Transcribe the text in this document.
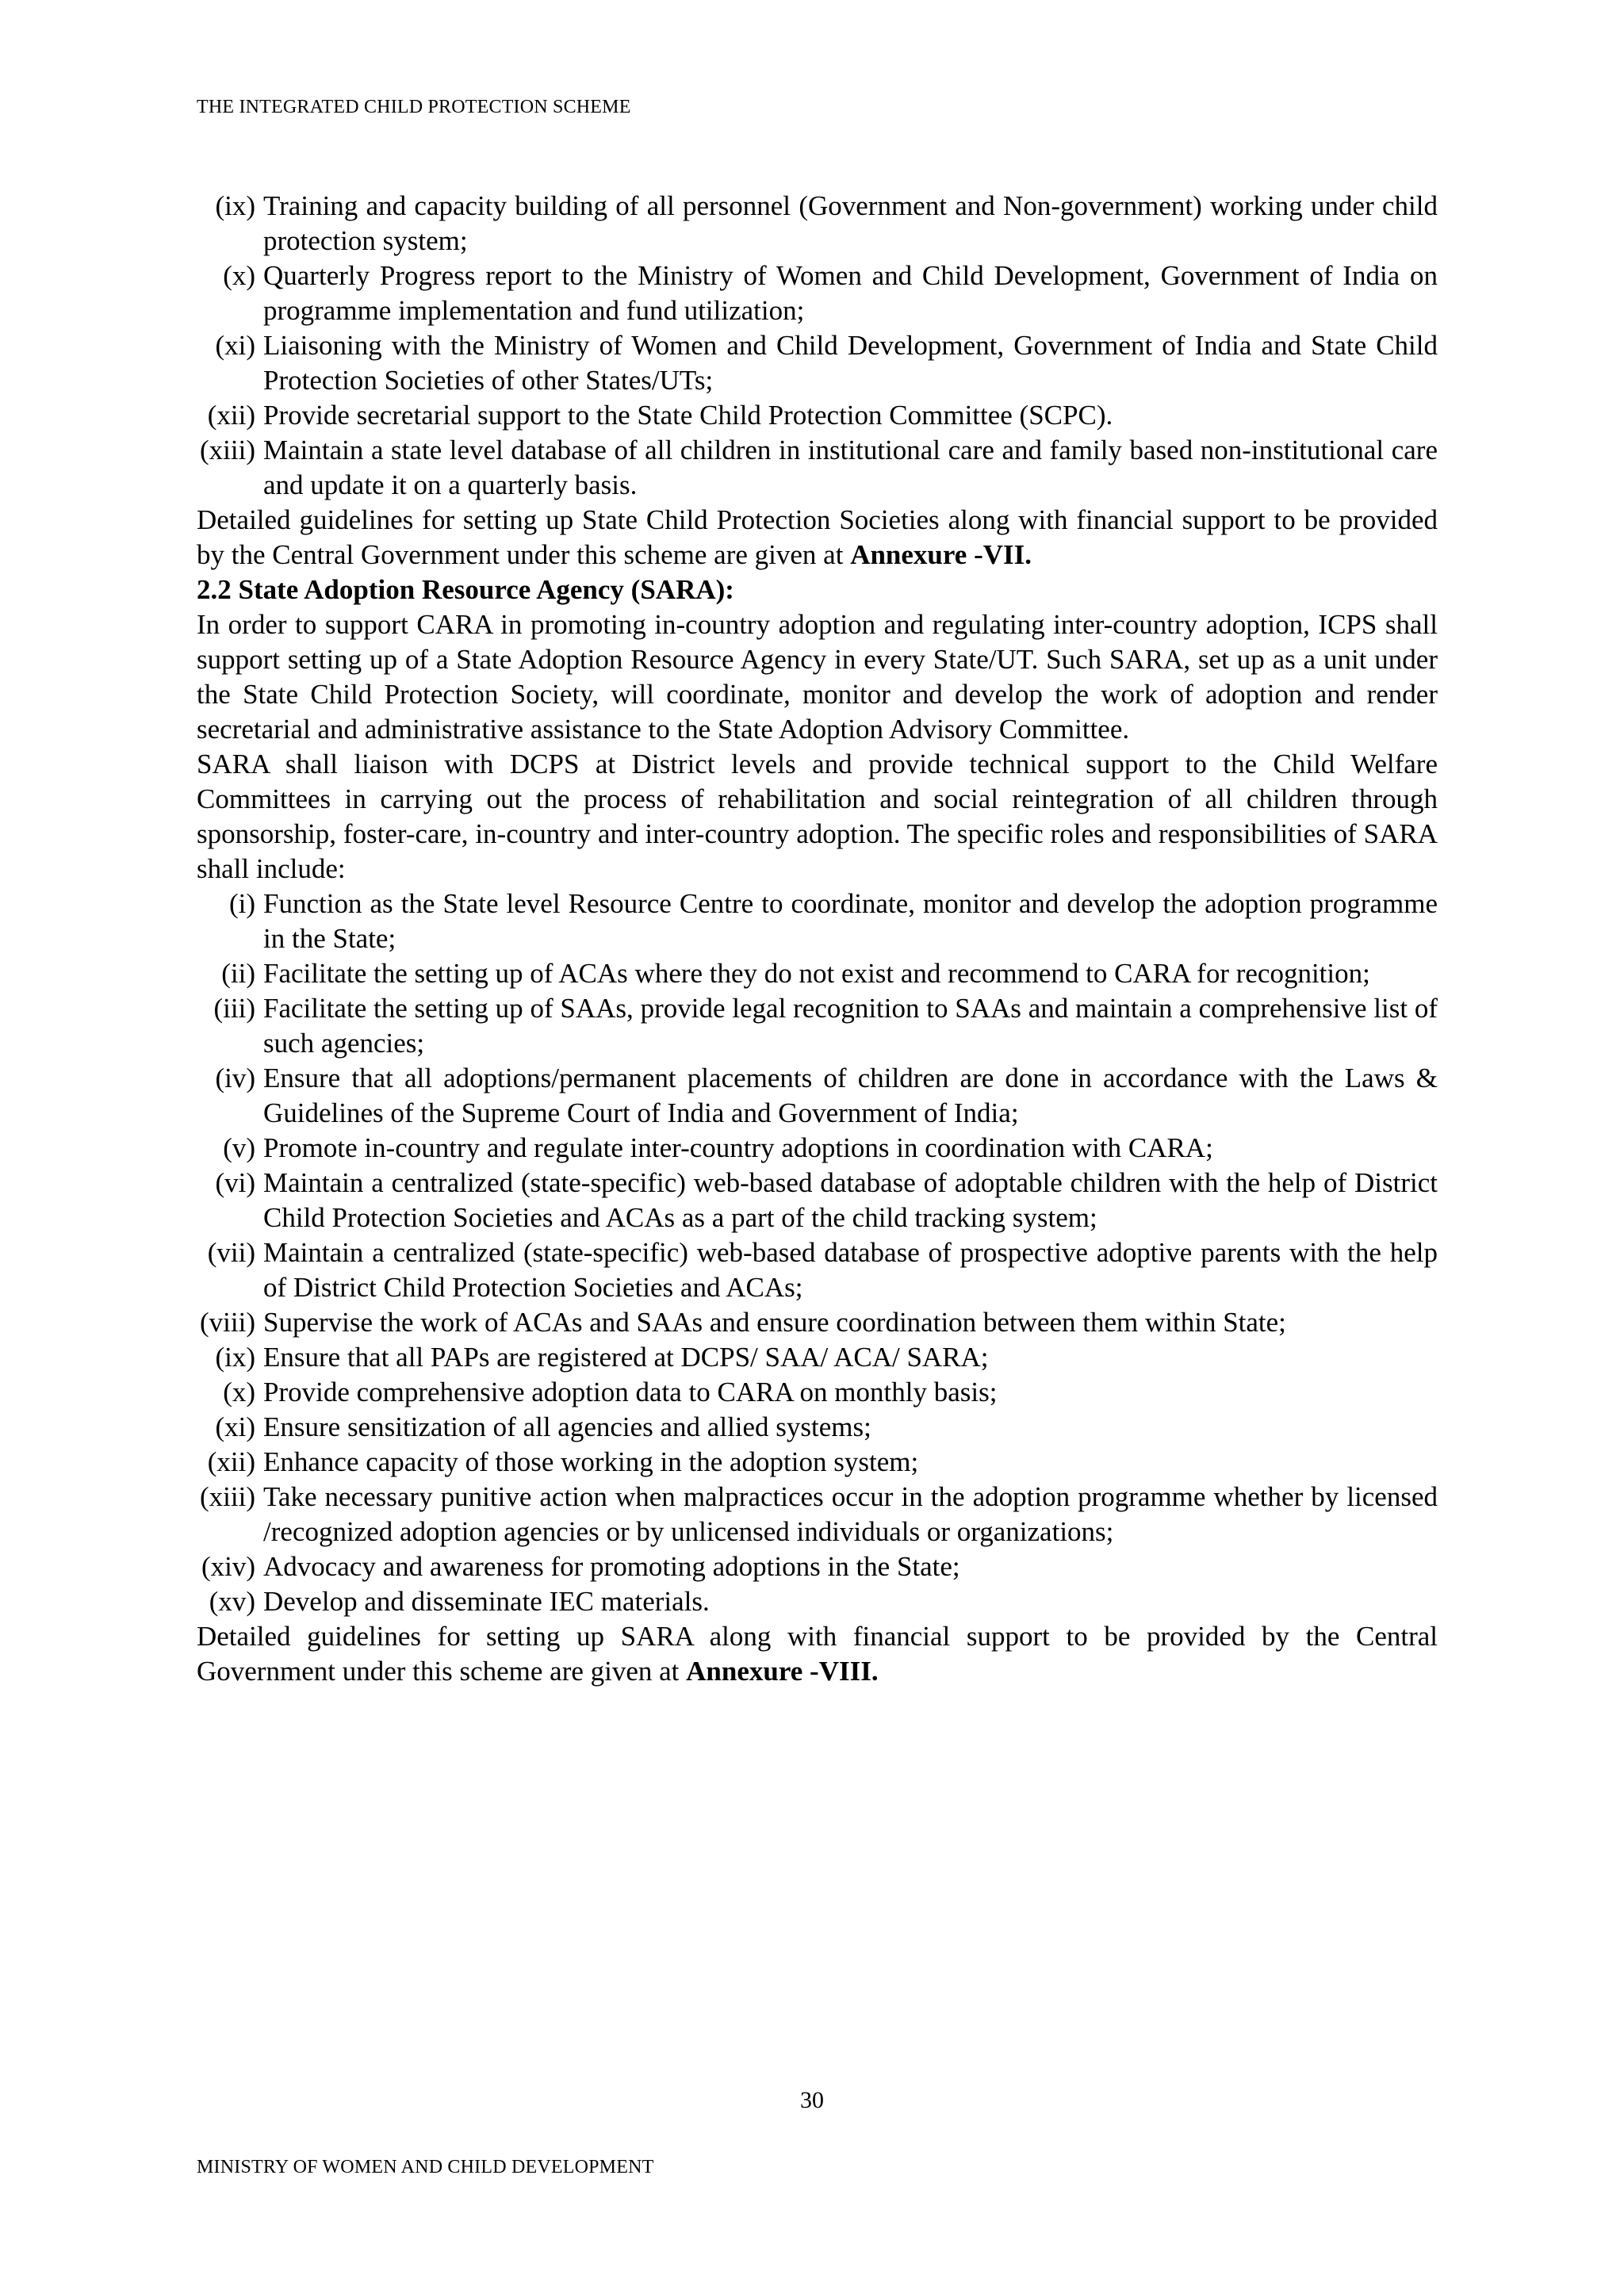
THE INTEGRATED CHILD PROTECTION SCHEME
(ix) Training and capacity building of all personnel (Government and Non-government) working under child protection system;
(x) Quarterly Progress report to the Ministry of Women and Child Development, Government of India on programme implementation and fund utilization;
(xi) Liaisoning with the Ministry of Women and Child Development, Government of India and State Child Protection Societies of other States/UTs;
(xii) Provide secretarial support to the State Child Protection Committee (SCPC).
(xiii) Maintain a state level database of all children in institutional care and family based non-institutional care and update it on a quarterly basis.

Detailed guidelines for setting up State Child Protection Societies along with financial support to be provided by the Central Government under this scheme are given at Annexure -VII.

2.2 State Adoption Resource Agency (SARA):

In order to support CARA in promoting in-country adoption and regulating inter-country adoption, ICPS shall support setting up of a State Adoption Resource Agency in every State/UT. Such SARA, set up as a unit under the State Child Protection Society, will coordinate, monitor and develop the work of adoption and render secretarial and administrative assistance to the State Adoption Advisory Committee.

SARA shall liaison with DCPS at District levels and provide technical support to the Child Welfare Committees in carrying out the process of rehabilitation and social reintegration of all children through sponsorship, foster-care, in-country and inter-country adoption. The specific roles and responsibilities of SARA shall include:

(i) Function as the State level Resource Centre to coordinate, monitor and develop the adoption programme in the State;
(ii) Facilitate the setting up of ACAs where they do not exist and recommend to CARA for recognition;
(iii) Facilitate the setting up of SAAs, provide legal recognition to SAAs and maintain a comprehensive list of such agencies;
(iv) Ensure that all adoptions/permanent placements of children are done in accordance with the Laws & Guidelines of the Supreme Court of India and Government of India;
(v) Promote in-country and regulate inter-country adoptions in coordination with CARA;
(vi) Maintain a centralized (state-specific) web-based database of adoptable children with the help of District Child Protection Societies and ACAs as a part of the child tracking system;
(vii) Maintain a centralized (state-specific) web-based database of prospective adoptive parents with the help of District Child Protection Societies and ACAs;
(viii) Supervise the work of ACAs and SAAs and ensure coordination between them within State;
(ix) Ensure that all PAPs are registered at DCPS/ SAA/ ACA/ SARA;
(x) Provide comprehensive adoption data to CARA on monthly basis;
(xi) Ensure sensitization of all agencies and allied systems;
(xii) Enhance capacity of those working in the adoption system;
(xiii) Take necessary punitive action when malpractices occur in the adoption programme whether by licensed /recognized adoption agencies or by unlicensed individuals or organizations;
(xiv) Advocacy and awareness for promoting adoptions in the State;
(xv) Develop and disseminate IEC materials.

Detailed guidelines for setting up SARA along with financial support to be provided by the Central Government under this scheme are given at Annexure -VIII.

30
MINISTRY OF WOMEN AND CHILD DEVELOPMENT
